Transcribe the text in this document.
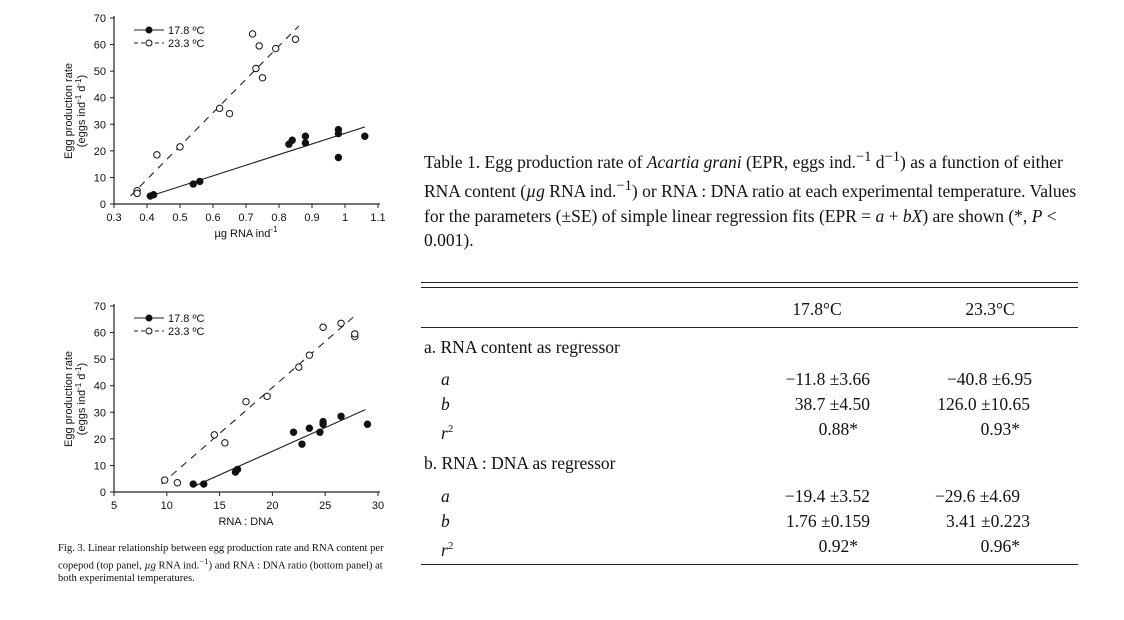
0.3 0.4 0.5 0.6 0.7 0.8 0.9 1 1.1
0
10
20
30
40
50
60
70
µg RNA ind$^{-1}$
Egg production rate (eggs ind$^{-1}$ $d^{-1}$)
17.8 ºC
23.3 ºC
5	10	15	20	25	30
0
10
20
30
40
50
60
70
RNA : DNA
Egg production rate (eggs ind$^{-1}$ $d^{-1}$)
17.8 ºC
23.3 ºC
Fig. 3. Linear relationship between egg production rate and RNA content per copepod (top panel, µg RNA ind.$^{-1}$) and RNA : DNA ratio (bottom panel) at both experimental temperatures.
Table 1. Egg production rate of Acartia grani (EPR, eggs ind.$^{-1}$ $d^{-1}$) as a function of either RNA content (µg RNA ind.$^{-1}$) or RNA : DNA ratio at each experimental temperature. Values for the parameters (±SE) of simple linear regression fits (EPR = a + bX) are shown (*, P < 0.001).
17.8°C	23.3°C
a. RNA content as regressor
a	−11.8 ±3.66	−40.8 ±6.95
b	38.7 ±4.50	126.0 ±10.65
$r^2$	0.88*	0.93*
b. RNA : DNA as regressor
a	−19.4 ±3.52	−29.6 ±4.69
b	1.76 ±0.159	3.41 ±0.223
$r^2$	0.92*	0.96*
